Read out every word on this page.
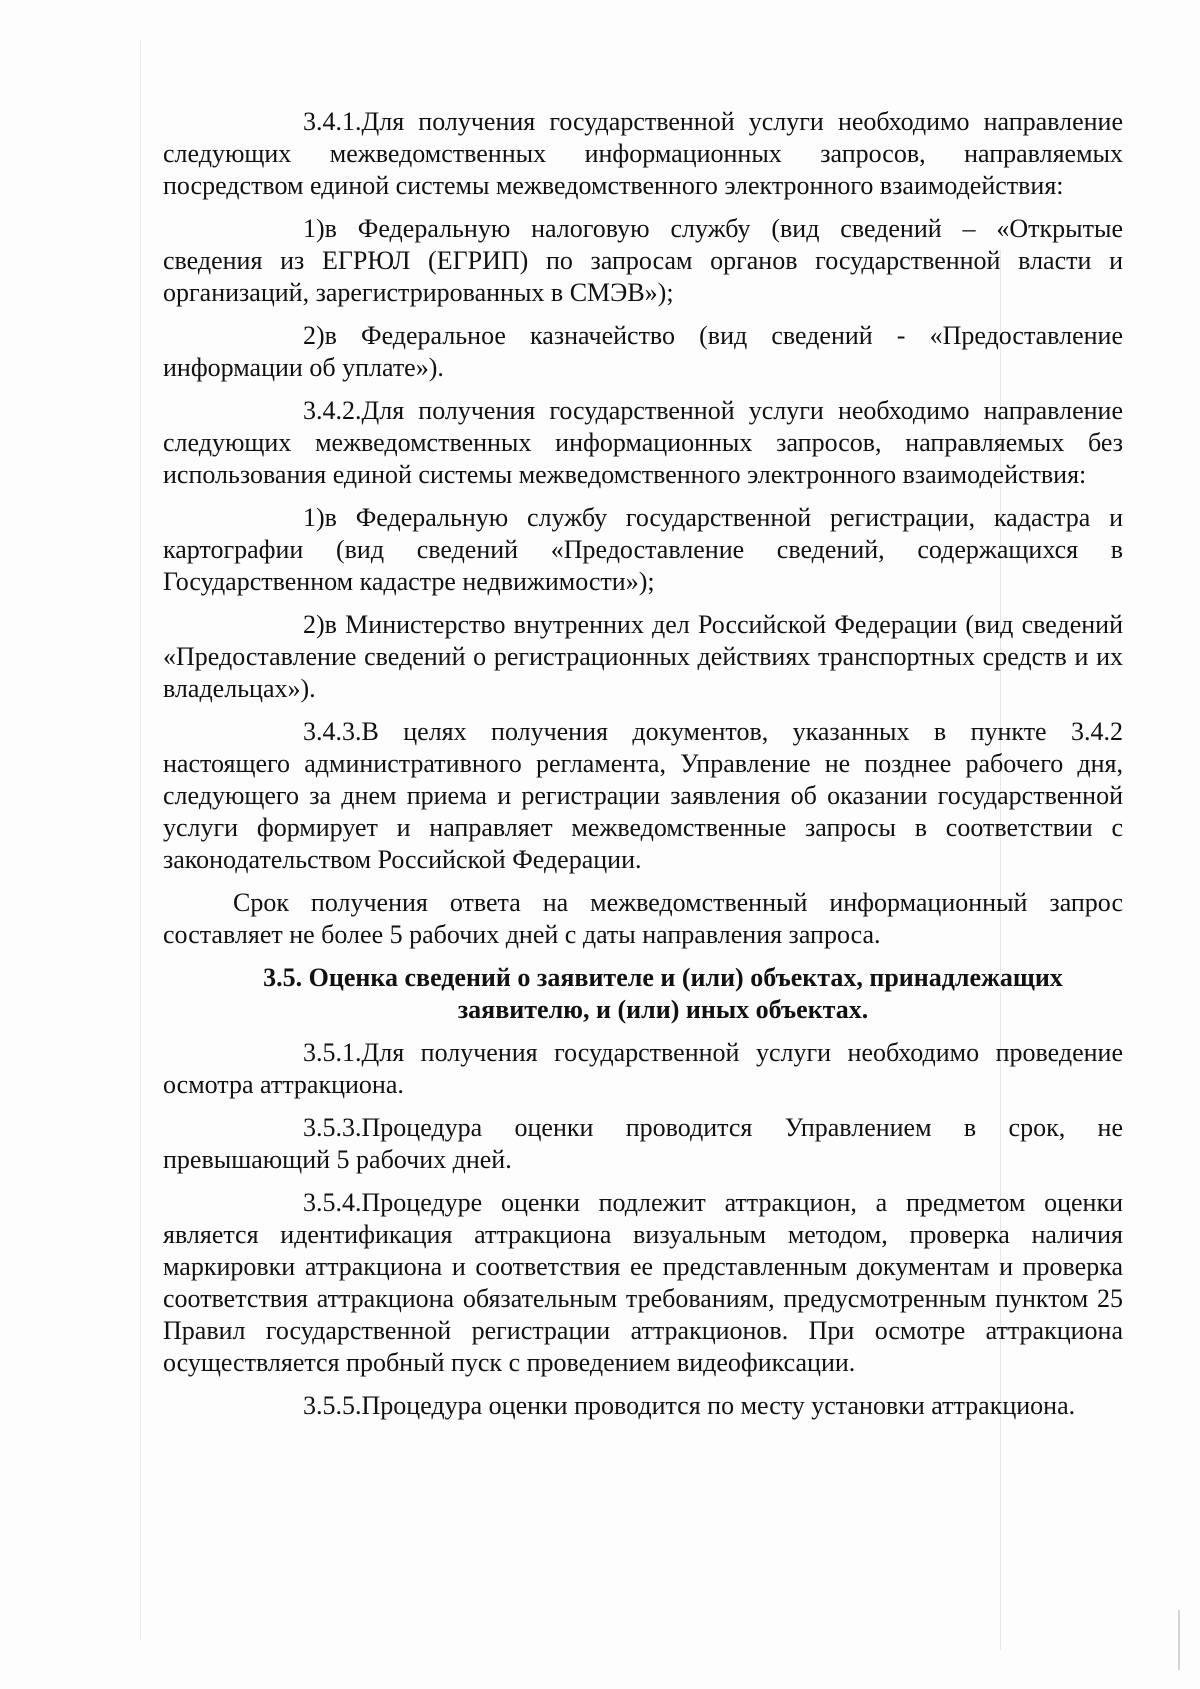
3.4.1.Для получения государственной услуги необходимо направление следующих межведомственных информационных запросов, направляемых посредством единой системы межведомственного электронного взаимодействия:

1)в Федеральную налоговую службу (вид сведений – «Открытые сведения из ЕГРЮЛ (ЕГРИП) по запросам органов государственной власти и организаций, зарегистрированных в СМЭВ»);

2)в Федеральное казначейство (вид сведений - «Предоставление информации об уплате»).

3.4.2.Для получения государственной услуги необходимо направление следующих межведомственных информационных запросов, направляемых без использования единой системы межведомственного электронного взаимодействия:

1)в Федеральную службу государственной регистрации, кадастра и картографии (вид сведений «Предоставление сведений, содержащихся в Государственном кадастре недвижимости»);

2)в Министерство внутренних дел Российской Федерации (вид сведений «Предоставление сведений о регистрационных действиях транспортных средств и их владельцах»).

3.4.3.В целях получения документов, указанных в пункте 3.4.2 настоящего административного регламента, Управление не позднее рабочего дня, следующего за днем приема и регистрации заявления об оказании государственной услуги формирует и направляет межведомственные запросы в соответствии с законодательством Российской Федерации.

Срок получения ответа на межведомственный информационный запрос составляет не более 5 рабочих дней с даты направления запроса.

3.5. Оценка сведений о заявителе и (или) объектах, принадлежащих заявителю, и (или) иных объектах.

3.5.1.Для получения государственной услуги необходимо проведение осмотра аттракциона.

3.5.3.Процедура оценки проводится Управлением в срок, не превышающий 5 рабочих дней.

3.5.4.Процедуре оценки подлежит аттракцион, а предметом оценки является идентификация аттракциона визуальным методом, проверка наличия маркировки аттракциона и соответствия ее представленным документам и проверка соответствия аттракциона обязательным требованиям, предусмотренным пунктом 25 Правил государственной регистрации аттракционов. При осмотре аттракциона осуществляется пробный пуск с проведением видеофиксации.

3.5.5.Процедура оценки проводится по месту установки аттракциона.
